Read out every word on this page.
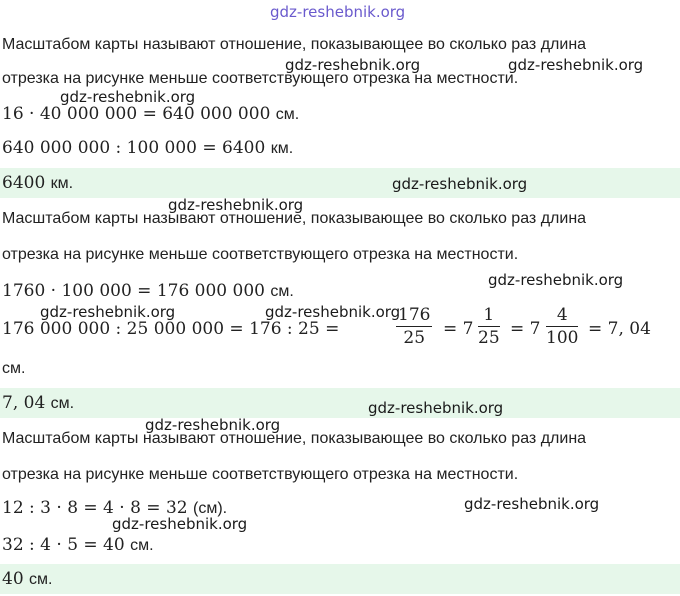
gdz-reshebnik.org
Масштабом карты называют отношение, показывающее во сколько раз длина
отрезка на рисунке меньше соответствующего отрезка на местности.
gdz-reshebnik.org	gdz-reshebnik.org
gdz-reshebnik.org
16 · 40 000 000 = 640 000 000 см.
640 000 000 : 100 000 = 6400 км.
6400 км.	gdz-reshebnik.org
gdz-reshebnik.org
Масштабом карты называют отношение, показывающее во сколько раз длина
отрезка на рисунке меньше соответствующего отрезка на местности.
gdz-reshebnik.org
1760 · 100 000 = 176 000 000 см.
gdz-reshebnik.org	gdz-reshebnik.org
176 000 000 : 25 000 000 = 176 : 25 =	$\frac{176}{25} = 7 \frac{1}{25} = 7 \frac{4}{100} = 7$, 04
см.
7, 04 см.	gdz-reshebnik.org
gdz-reshebnik.org
Масштабом карты называют отношение, показывающее во сколько раз длина
отрезка на рисунке меньше соответствующего отрезка на местности.
gdz-reshebnik.org
12 : 3 · 8 = 4 · 8 = 32 (см).
gdz-reshebnik.org
32 : 4 · 5 = 40 см.
40 см.
